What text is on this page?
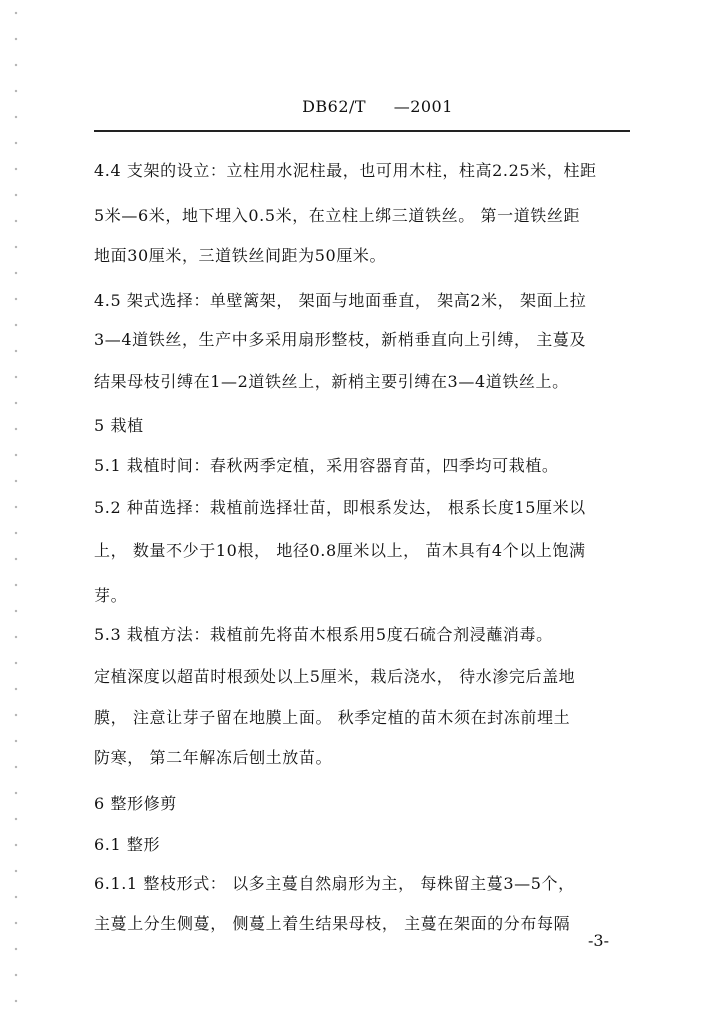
DB62/T —2001
4.4 支架的设立：立柱用水泥柱最，也可用木柱，柱高2.25米，柱距
5米—6米，地下埋入0.5米，在立柱上绑三道铁丝。 第一道铁丝距
地面30厘米，三道铁丝间距为50厘米。
4.5 架式选择：单壁篱架， 架面与地面垂直， 架高2米， 架面上拉
3—4道铁丝，生产中多采用扇形整枝，新梢垂直向上引缚， 主蔓及
结果母枝引缚在1—2道铁丝上，新梢主要引缚在3—4道铁丝上。
5 栽植
5.1 栽植时间：春秋两季定植，采用容器育苗，四季均可栽植。
5.2 种苗选择：栽植前选择壮苗，即根系发达， 根系长度15厘米以
上， 数量不少于10根， 地径0.8厘米以上， 苗木具有4个以上饱满
芽。
5.3 栽植方法：栽植前先将苗木根系用5度石硫合剂浸蘸消毒。
定植深度以超苗时根颈处以上5厘米，栽后浇水， 待水渗完后盖地
膜， 注意让芽子留在地膜上面。 秋季定植的苗木须在封冻前埋土
防寒， 第二年解冻后刨土放苗。
6 整形修剪
6.1 整形
6.1.1 整枝形式： 以多主蔓自然扇形为主， 每株留主蔓3—5个，
主蔓上分生侧蔓， 侧蔓上着生结果母枝， 主蔓在架面的分布每隔
-3-
